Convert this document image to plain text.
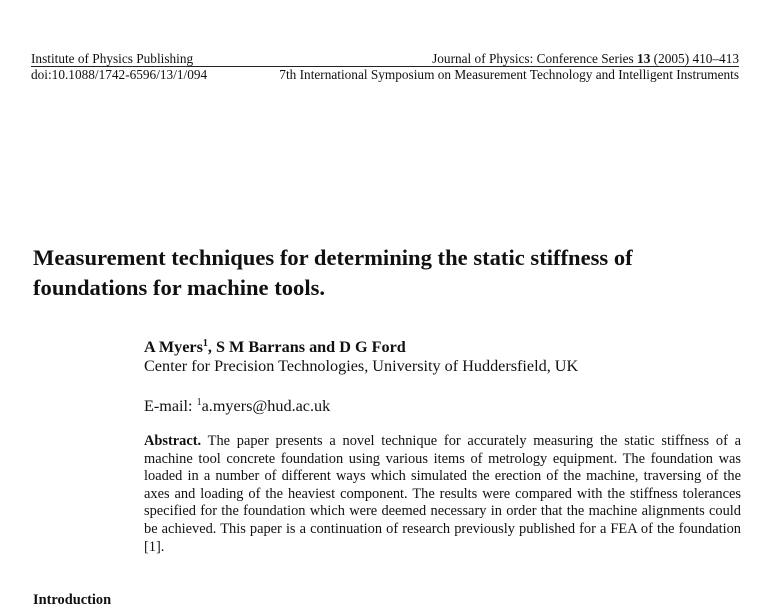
Institute of Physics Publishing	Journal of Physics: Conference Series 13 (2005) 410–413
doi:10.1088/1742-6596/13/1/094	7th International Symposium on Measurement Technology and Intelligent Instruments
Measurement techniques for determining the static stiffness of foundations for machine tools.
A Myers$^1$, S M Barrans and D G Ford
Center for Precision Technologies, University of Huddersfield, UK
E-mail: $^1$a.myers@hud.ac.uk
Abstract. The paper presents a novel technique for accurately measuring the static stiffness of a machine tool concrete foundation using various items of metrology equipment. The foundation was loaded in a number of different ways which simulated the erection of the machine, traversing of the axes and loading of the heaviest component. The results were compared with the stiffness tolerances specified for the foundation which were deemed necessary in order that the machine alignments could be achieved. This paper is a continuation of research previously published for a FEA of the foundation [1].
Introduction
